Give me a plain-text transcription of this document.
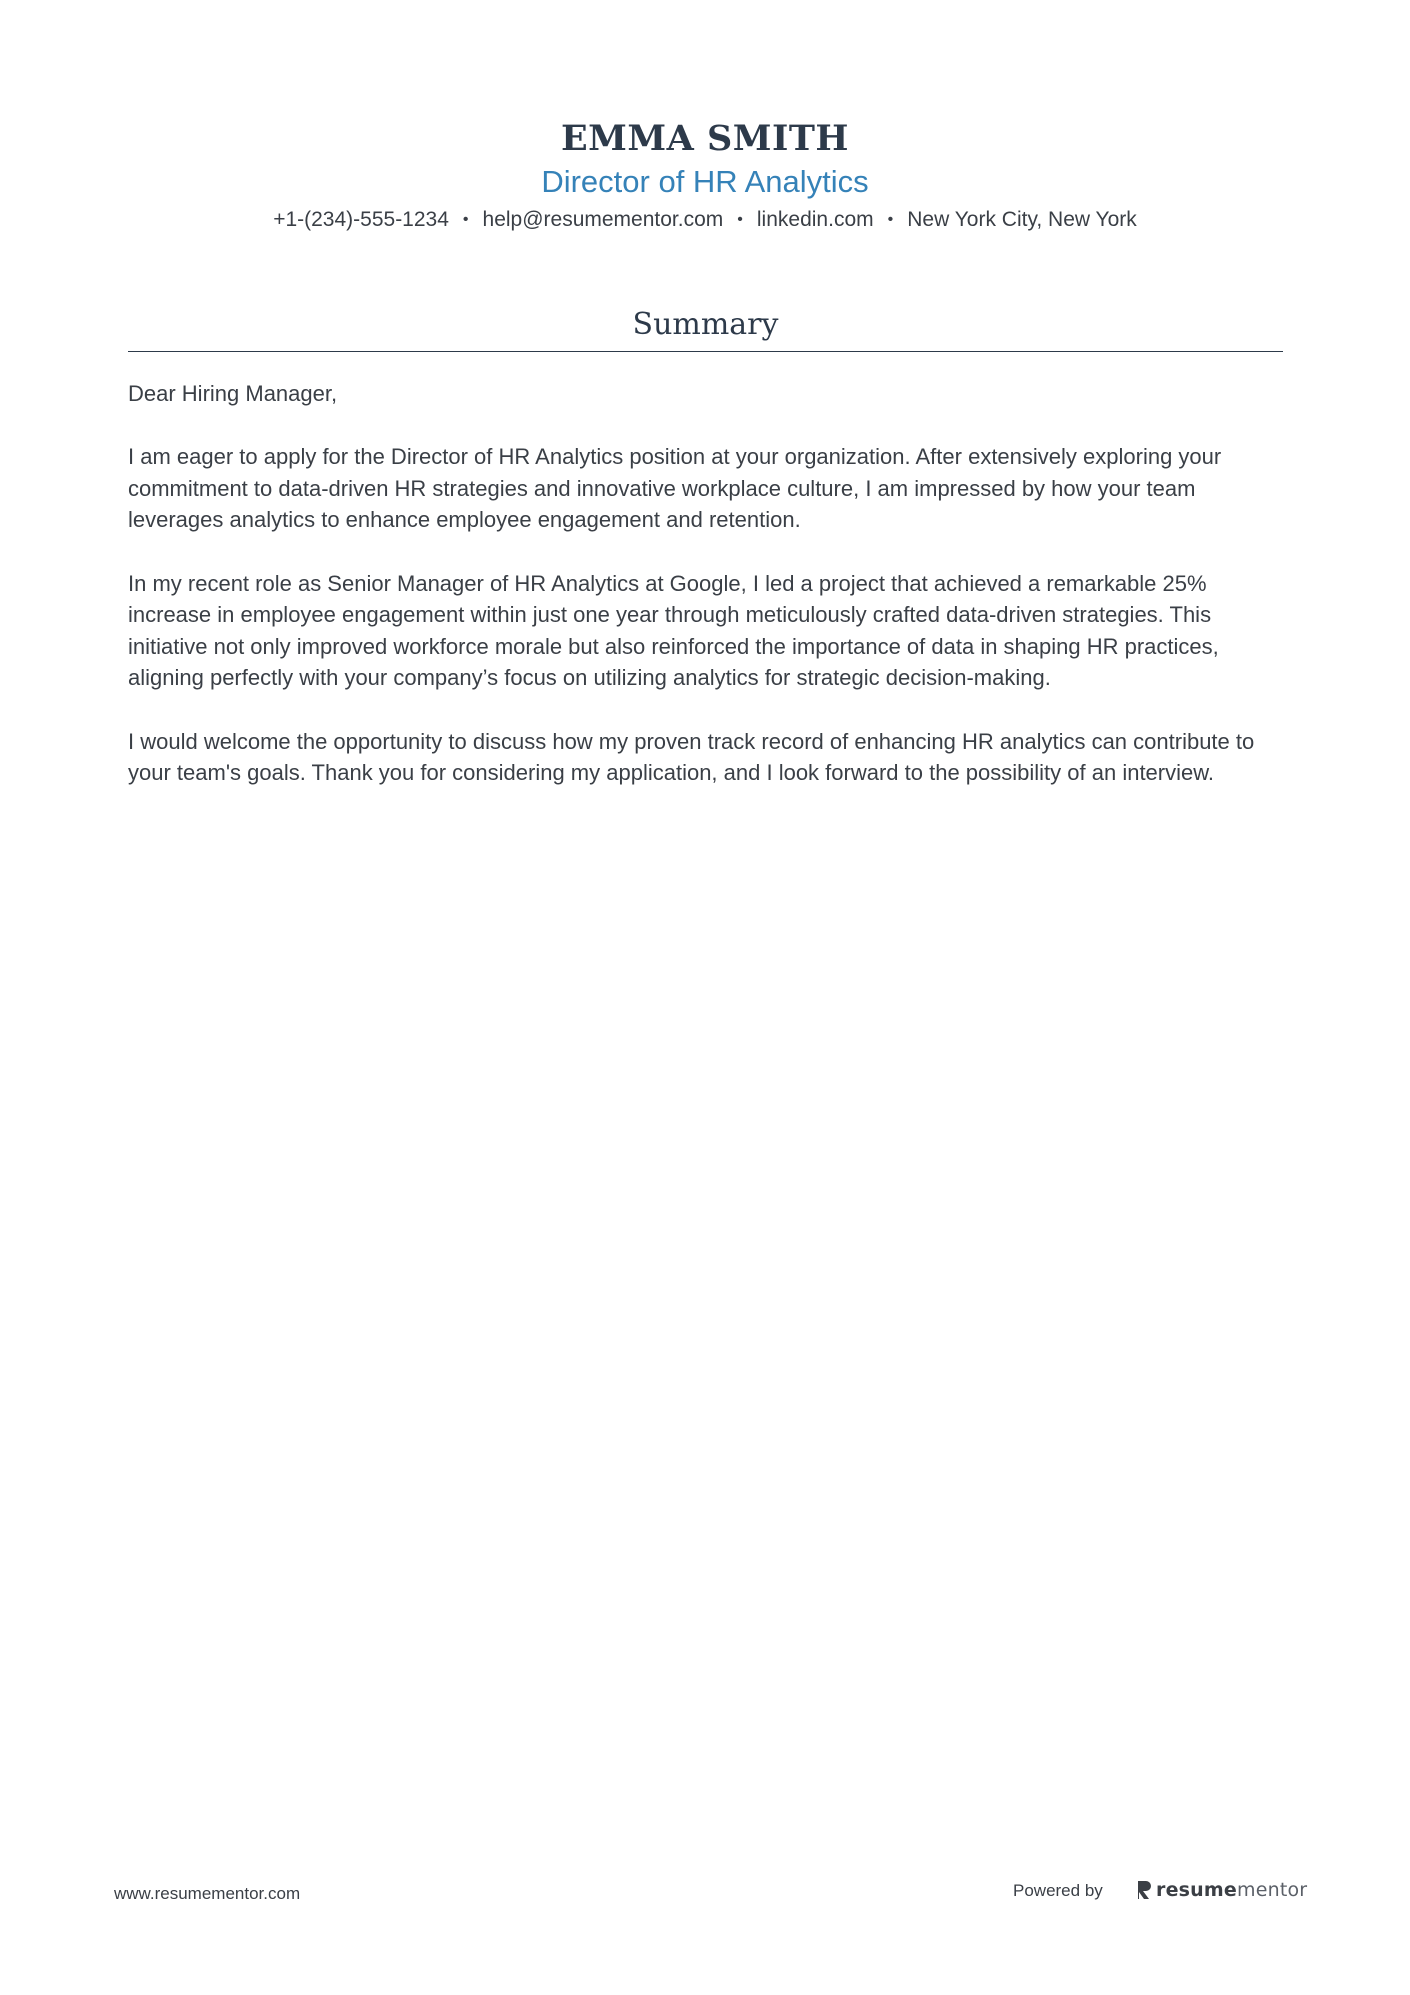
EMMA SMITH
Director of HR Analytics
+1-(234)-555-1234 • help@resumementor.com • linkedin.com • New York City, New York
Summary

Dear Hiring Manager,

I am eager to apply for the Director of HR Analytics position at your organization. After extensively exploring your commitment to data-driven HR strategies and innovative workplace culture, I am impressed by how your team leverages analytics to enhance employee engagement and retention.

In my recent role as Senior Manager of HR Analytics at Google, I led a project that achieved a remarkable 25% increase in employee engagement within just one year through meticulously crafted data-driven strategies. This initiative not only improved workforce morale but also reinforced the importance of data in shaping HR practices, aligning perfectly with your company’s focus on utilizing analytics for strategic decision-making.

I would welcome the opportunity to discuss how my proven track record of enhancing HR analytics can contribute to your team's goals. Thank you for considering my application, and I look forward to the possibility of an interview.

www.resumementor.com	Powered by	resumementor
